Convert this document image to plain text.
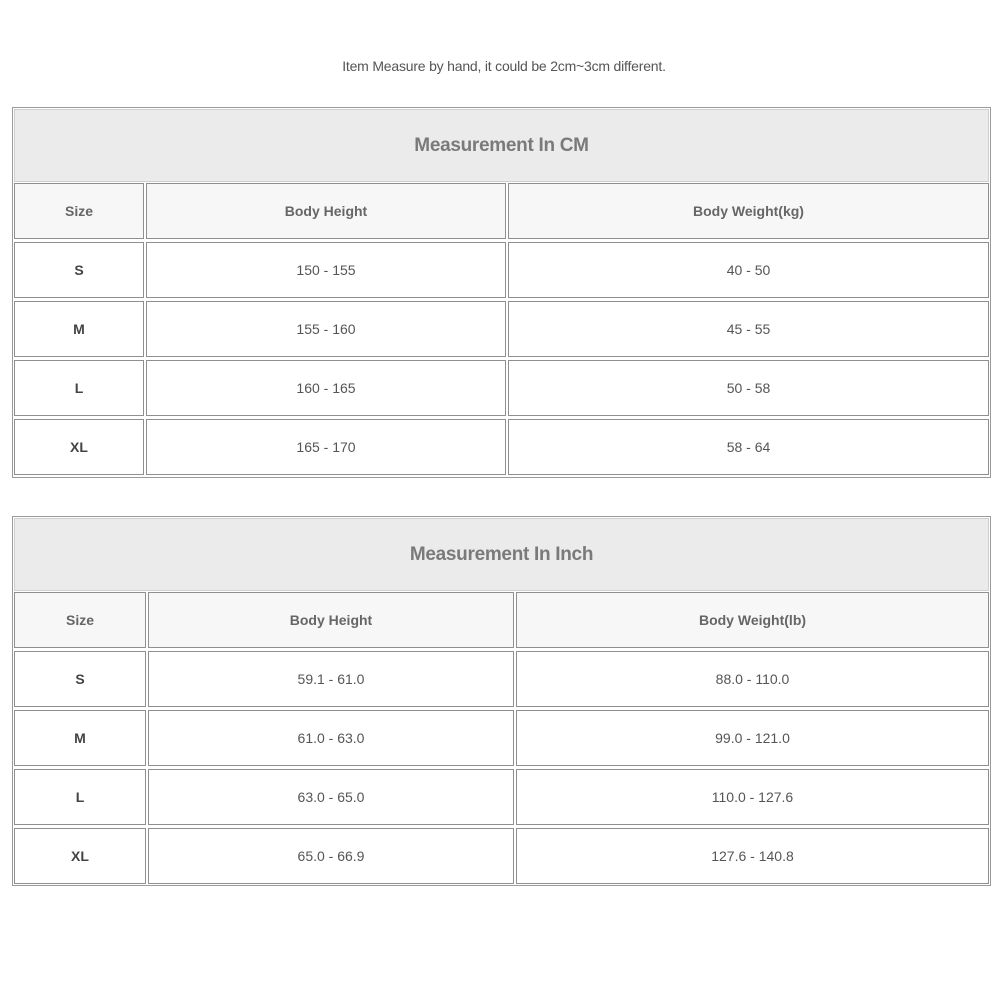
Item Measure by hand, it could be 2cm~3cm different.
Measurement In CM
Size	Body Height	Body Weight(kg)
S	150 - 155	40 - 50
M	155 - 160	45 - 55
L	160 - 165	50 - 58
XL	165 - 170	58 - 64
Measurement In Inch
Size	Body Height	Body Weight(lb)
S	59.1 - 61.0	88.0 - 110.0
M	61.0 - 63.0	99.0 - 121.0
L	63.0 - 65.0	110.0 - 127.6
XL	65.0 - 66.9	127.6 - 140.8
